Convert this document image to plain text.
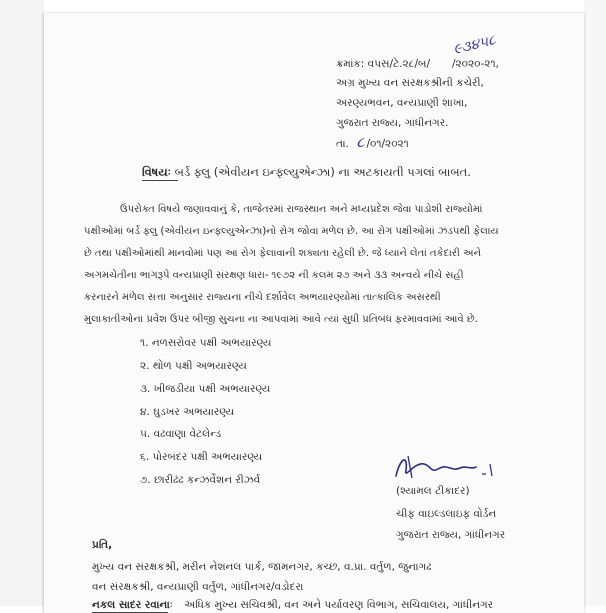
ક્રમાંક: વપસ/ટે.૨૮/બ/ /૨૦૨૦-૨૧,
૯૩૪૫૮
અગ્ર મુખ્ય વન સંરક્ષકશ્રીની કચેરી,
અરણ્યભવન, વન્યપ્રાણી શાખા,
ગુજરાત રાજ્ય, ગાંધીનગર.
તા. ૮ /૦૧/૨૦૨૧
વિષયઃ બર્ડ ફ્લુ (એવીયન ઇન્ફ્લ્યુએન્ઝા) ના અટકાયતી પગલાં બાબત.
ઉપરોક્ત વિષયે જણાવવાનું કે, તાજેતરમાં રાજસ્થાન અને મધ્યપ્રદેશ જેવા પાડોશી રાજ્યોમાં
પક્ષીઓમાં બર્ડ ફ્લુ (એવીયન ઇન્ફ્લ્યુએન્ઝા)નો રોગ જોવા મળેલ છે. આ રોગ પક્ષીઓમાં ઝડપથી ફેલાય
છે તથા પક્ષીઓમાંથી માનવોમાં પણ આ રોગ ફેલાવાની શક્યતા રહેલી છે. જે ધ્યાને લેતાં તકેદારી અને
અગમચેતીના ભાગરૂપે વન્યપ્રાણી સંરક્ષણ ધારા- ૧૯૭૨ ની કલમ ૨૭ અને ૩૩ અન્વયે નીચે સહી
કરનારને મળેલ સત્તા અનુસાર રાજ્યના નીચે દર્શાવેલ અભયારણ્યોમાં તાત્કાલિક અસરથી
મુલાકાતીઓના પ્રવેશ ઉપર બીજી સુચના ના આપવામાં આવે ત્યાં સુધી પ્રતિબંધ ફરમાવવામાં આવે છે.
૧. નળસરોવર પક્ષી અભયારણ્ય
૨. થોળ પક્ષી અભયારણ્ય
૩. ખીજડીયા પક્ષી અભયારણ્ય
૪. ઘુડખર અભયારણ્ય
૫. વઢવાણા વેટલેન્ડ
૬. પોરબંદર પક્ષી અભયારણ્ય
૭. છારીઢંઢ કન્ઝર્વેશન રીઝર્વ
(શ્યામલ ટીકાદર)
ચીફ વાઇલ્ડલાઇફ વોર્ડન
ગુજરાત રાજ્ય, ગાંધીનગર
પ્રતિ,
મુખ્ય વન સંરક્ષકશ્રી, મરીન નેશનલ પાર્ક, જામનગર, કચ્છ, વ.પ્રા. વર્તુળ, જુનાગઢ
વન સંરક્ષકશ્રી, વન્યપ્રાણી વર્તુળ, ગાંધીનગર/વડોદરા
નકલ સાદર રવાનાઃ અધિક મુખ્ય સચિવશ્રી, વન અને પર્યાવરણ વિભાગ, સચિવાલય, ગાંધીનગર
